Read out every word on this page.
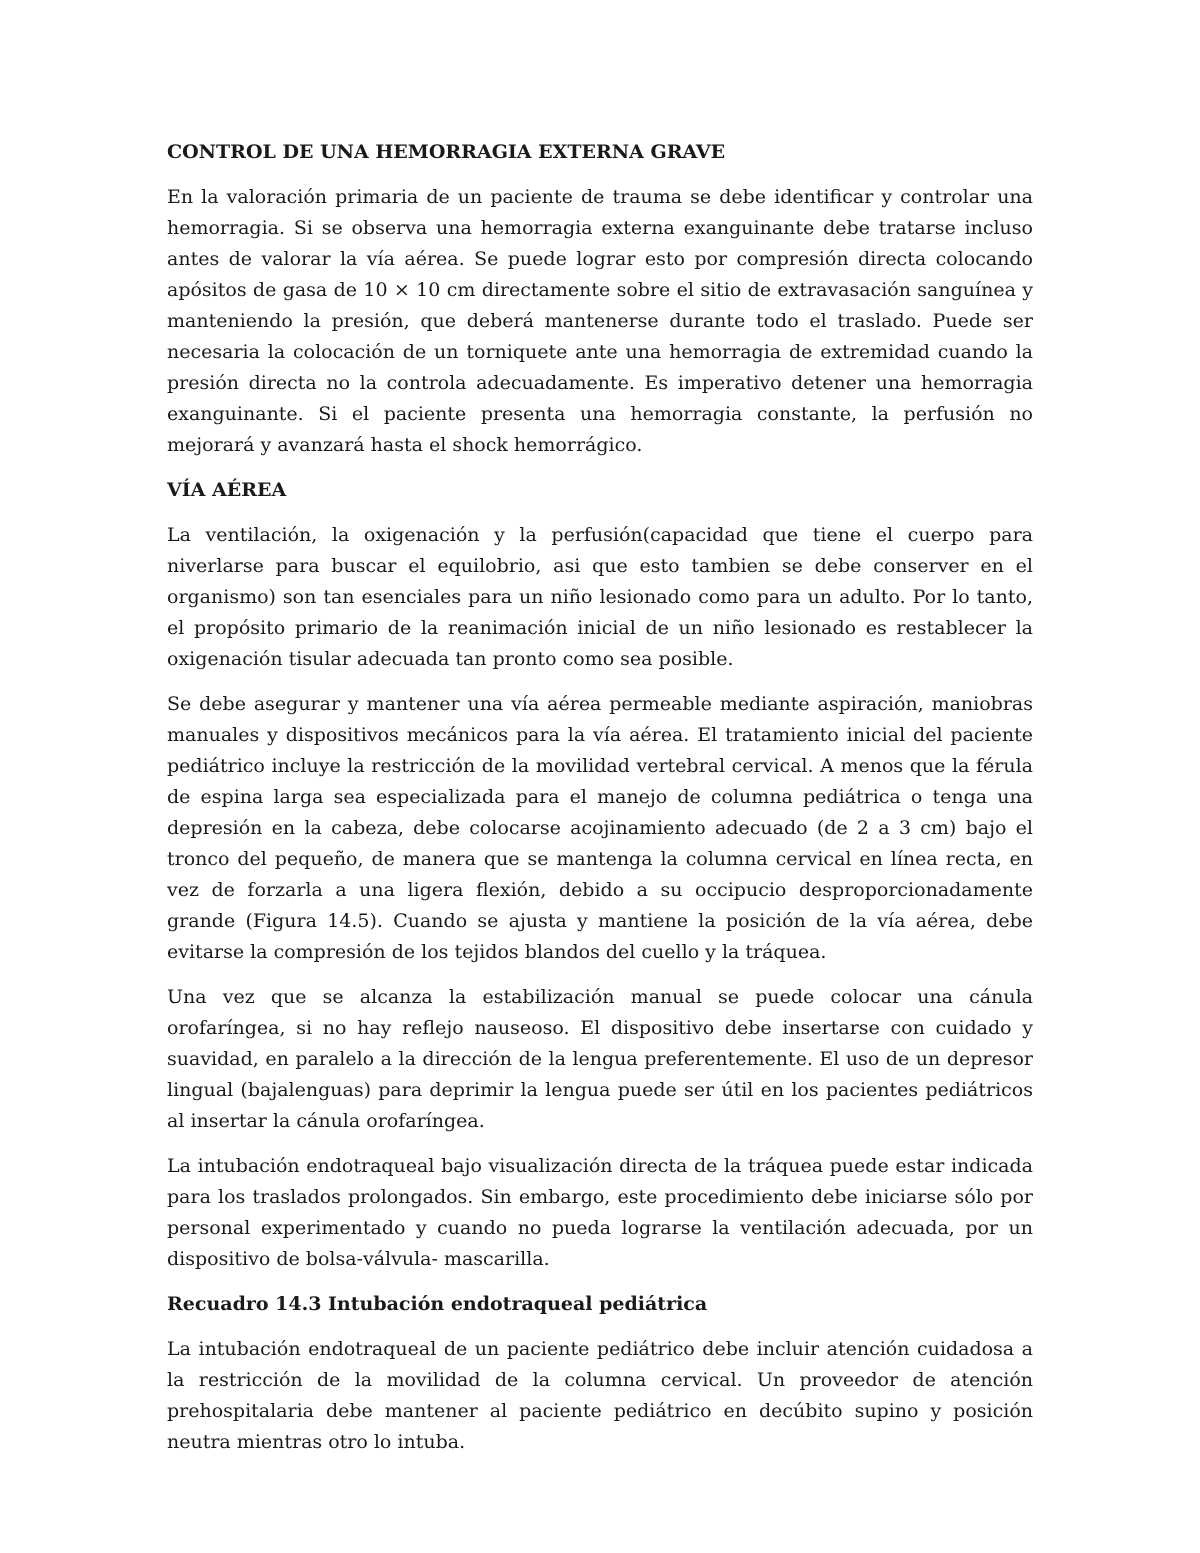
CONTROL DE UNA HEMORRAGIA EXTERNA GRAVE

En la valoración primaria de un paciente de trauma se debe identificar y controlar una hemorragia. Si se observa una hemorragia externa exanguinante debe tratarse incluso antes de valorar la vía aérea. Se puede lograr esto por compresión directa colocando apósitos de gasa de 10 × 10 cm directamente sobre el sitio de extravasación sanguínea y manteniendo la presión, que deberá mantenerse durante todo el traslado. Puede ser necesaria la colocación de un torniquete ante una hemorragia de extremidad cuando la presión directa no la controla adecuadamente. Es imperativo detener una hemorragia exanguinante. Si el paciente presenta una hemorragia constante, la perfusión no mejorará y avanzará hasta el shock hemorrágico.

VÍA AÉREA

La ventilación, la oxigenación y la perfusión(capacidad que tiene el cuerpo para niverlarse para buscar el equilobrio, asi que esto tambien se debe conserver en el organismo) son tan esenciales para un niño lesionado como para un adulto. Por lo tanto, el propósito primario de la reanimación inicial de un niño lesionado es restablecer la oxigenación tisular adecuada tan pronto como sea posible.

Se debe asegurar y mantener una vía aérea permeable mediante aspiración, maniobras manuales y dispositivos mecánicos para la vía aérea. El tratamiento inicial del paciente pediátrico incluye la restricción de la movilidad vertebral cervical. A menos que la férula de espina larga sea especializada para el manejo de columna pediátrica o tenga una depresión en la cabeza, debe colocarse acojinamiento adecuado (de 2 a 3 cm) bajo el tronco del pequeño, de manera que se mantenga la columna cervical en línea recta, en vez de forzarla a una ligera flexión, debido a su occipucio desproporcionadamente grande (Figura 14.5). Cuando se ajusta y mantiene la posición de la vía aérea, debe evitarse la compresión de los tejidos blandos del cuello y la tráquea.

Una vez que se alcanza la estabilización manual se puede colocar una cánula orofaríngea, si no hay reflejo nauseoso. El dispositivo debe insertarse con cuidado y suavidad, en paralelo a la dirección de la lengua preferentemente. El uso de un depresor lingual (bajalenguas) para deprimir la lengua puede ser útil en los pacientes pediátricos al insertar la cánula orofaríngea.

La intubación endotraqueal bajo visualización directa de la tráquea puede estar indicada para los traslados prolongados. Sin embargo, este procedimiento debe iniciarse sólo por personal experimentado y cuando no pueda lograrse la ventilación adecuada, por un dispositivo de bolsa-válvula- mascarilla.

Recuadro 14.3 Intubación endotraqueal pediátrica

La intubación endotraqueal de un paciente pediátrico debe incluir atención cuidadosa a la restricción de la movilidad de la columna cervical. Un proveedor de atención prehospitalaria debe mantener al paciente pediátrico en decúbito supino y posición neutra mientras otro lo intuba.
